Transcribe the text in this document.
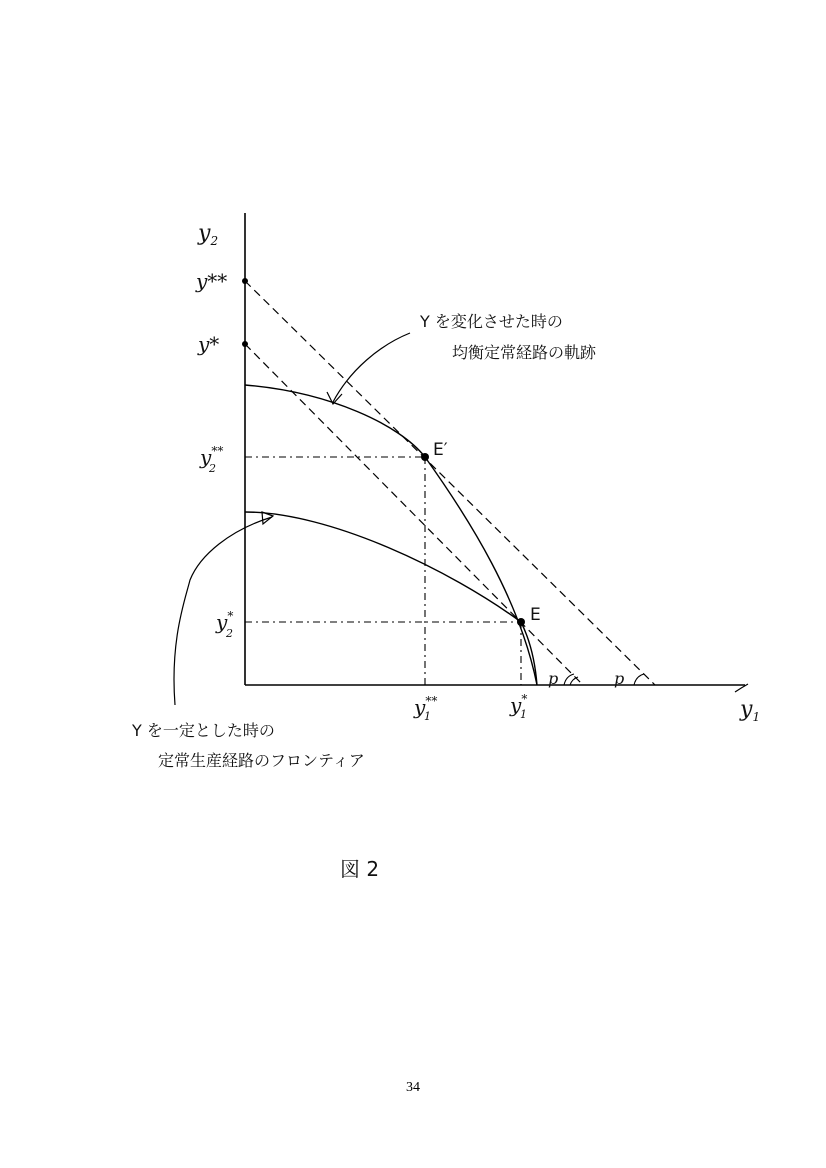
$y_2$
$y_1$
y**
y*
y** 2
y* 2
y** 1	y* 1
E′
E
p	p
Y を変化させた時の
均衡定常経路の軌跡
Y を一定とした時の
定常生産経路のフロンティア
図 2
34
